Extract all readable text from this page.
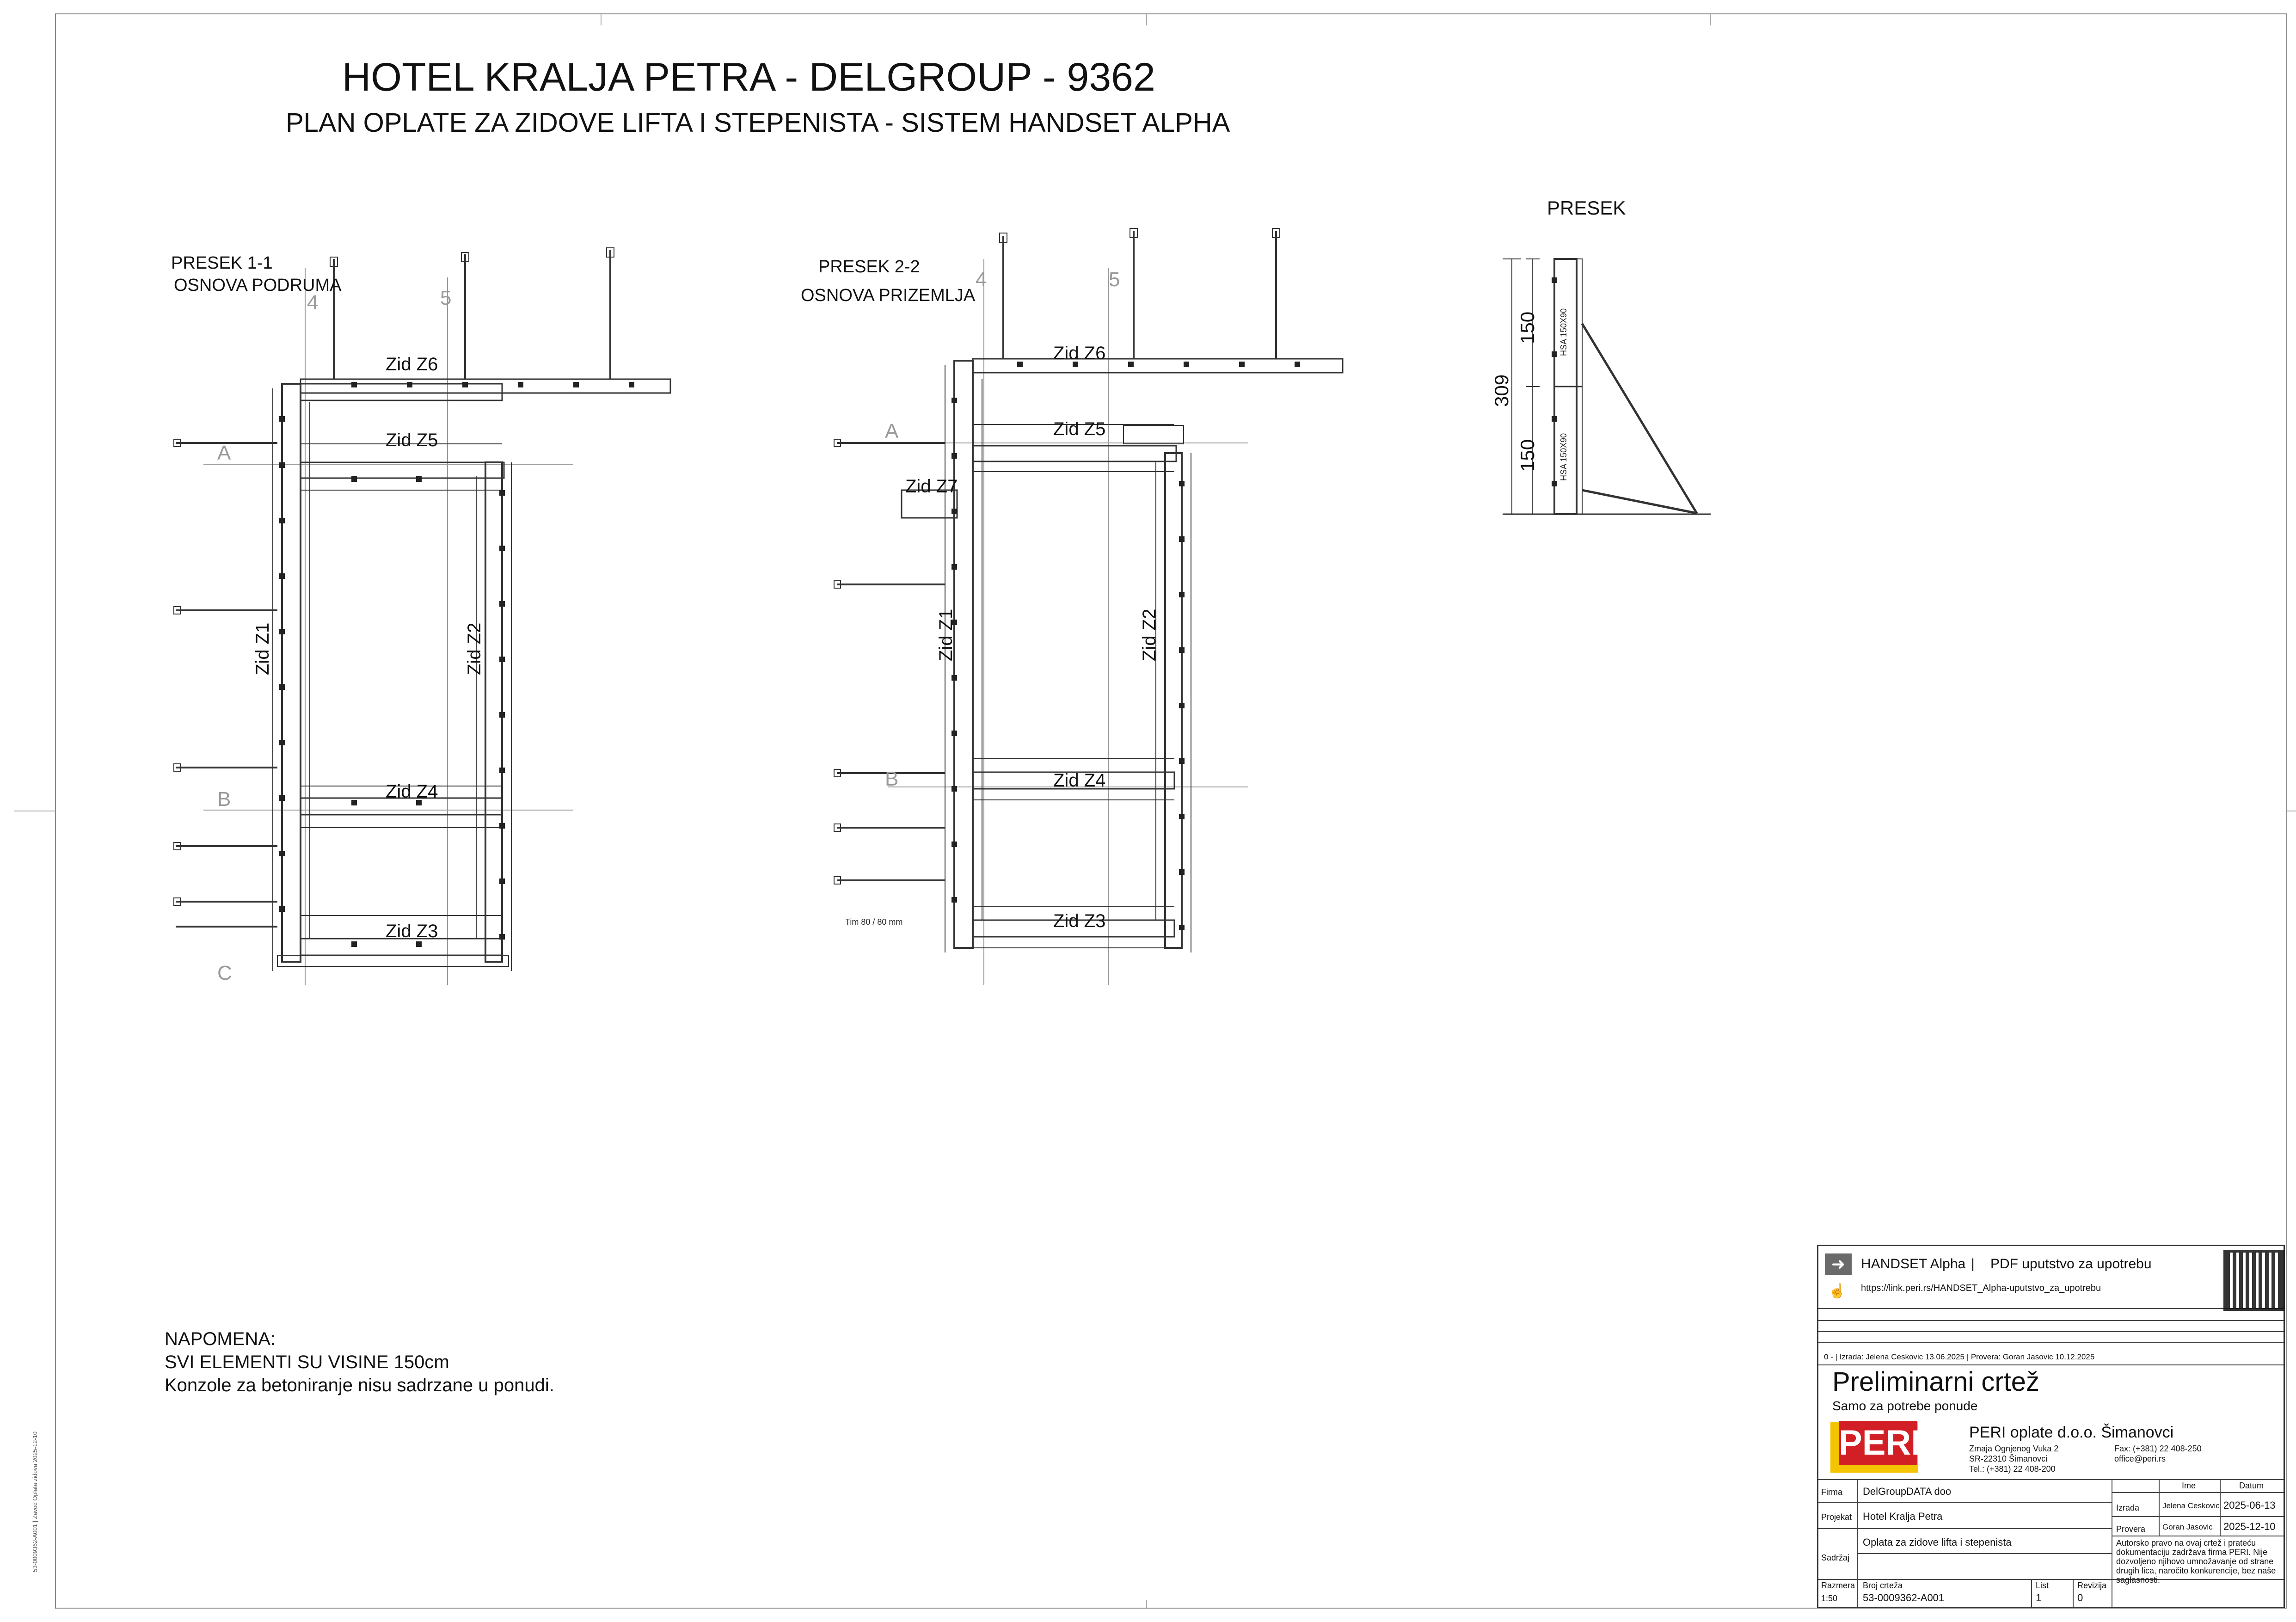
HOTEL KRALJA PETRA - DELGROUP - 9362
PLAN OPLATE ZA ZIDOVE LIFTA I STEPENISTA - SISTEM HANDSET ALPHA
PRESEK 1-1
OSNOVA PODRUMA
4	5
A
B
C
Zid Z6
Zid Z5
Zid Z1	Zid Z2
Zid Z4
Zid Z3
PRESEK 2-2
OSNOVA PRIZEMLJA
4	5
A
B
Zid Z6
Zid Z5
Zid Z7
Zid Z1	Zid Z2
Zid Z4
Zid Z3
Tim 80 / 80 mm
PRESEK
309
150
150
HSA 150X90
HSA 150X90
NAPOMENA:
SVI ELEMENTI SU VISINE 150cm
Konzole za betoniranje nisu sadrzane u ponudi.
53-0009362-A001 | Zavod Oplata zidova 2025-12-10
➜
☝
HANDSET Alpha | PDF uputstvo za upotrebu
https://link.peri.rs/HANDSET_Alpha-uputstvo_za_upotrebu
0 - | Izrada: Jelena Ceskovic 13.06.2025 | Provera: Goran Jasovic 10.12.2025
Preliminarni crtež
Samo za potrebe ponude
PERI	PERI oplate d.o.o. Šimanovci
Zmaja Ognjenog Vuka 2
SR-22310 Šimanovci
Tel.: (+381) 22 408-200
Fax: (+381) 22 408-250
office@peri.rs
Firma DelGroupDATA doo
Projekat Hotel Kralja Petra
Sadržaj
Oplata za zidove lifta i stepenista
Ime	Datum
Izrada	Jelena Ceskovic 2025-06-13
Provera Goran Jasovic 2025-12-10
Autorsko pravo na ovaj crtež i prateću dokumentaciju zadržava firma PERI. Nije dozvoljeno njihovo umnožavanje od strane drugih lica, naročito konkurencije, bez naše saglasnosti.
Razmera
1:50
Broj crteža
53-0009362-A001
List
1
Revizija
0
